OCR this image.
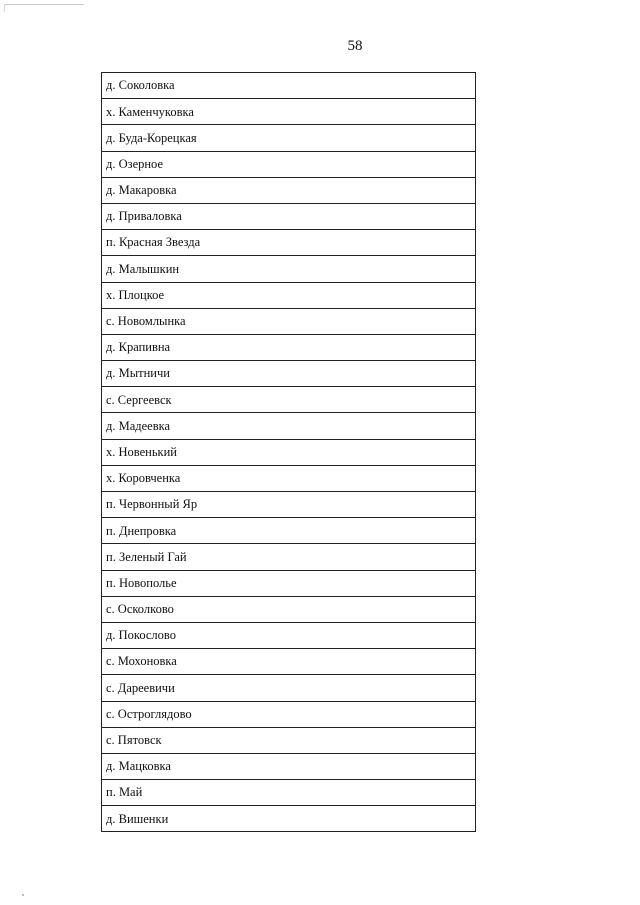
58
д. Соколовка
х. Каменчуковка
д. Буда-Корецкая
д. Озерное
д. Макаровка
д. Приваловка
п. Красная Звезда
д. Малышкин
х. Плоцкое
с. Новомлынка
д. Крапивна
д. Мытничи
с. Сергеевск
д. Мадеевка
х. Новенький
х. Коровченка
п. Червонный Яр
п. Днепровка
п. Зеленый Гай
п. Новополье
с. Осколково
д. Покослово
с. Мохоновка
с. Дареевичи
с. Остроглядово
с. Пятовск
д. Мацковка
п. Май
д. Вишенки
